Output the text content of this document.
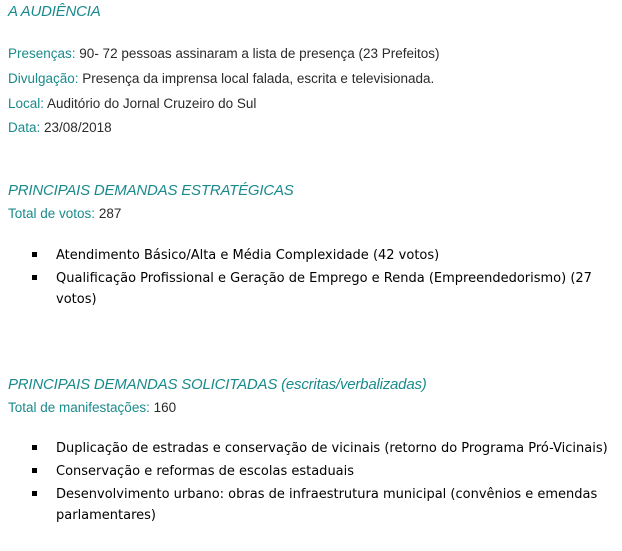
A AUDIÊNCIA
Presenças: 90- 72 pessoas assinaram a lista de presença (23 Prefeitos)
Divulgação: Presença da imprensa local falada, escrita e televisionada.
Local: Auditório do Jornal Cruzeiro do Sul
Data: 23/08/2018
PRINCIPAIS DEMANDAS ESTRATÉGICAS
Total de votos: 287
Atendimento Básico/Alta e Média Complexidade (42 votos)
Qualificação Profissional e Geração de Emprego e Renda (Empreendedorismo) (27 votos)
PRINCIPAIS DEMANDAS SOLICITADAS (escritas/verbalizadas)
Total de manifestações: 160
Duplicação de estradas e conservação de vicinais (retorno do Programa Pró-Vicinais)
Conservação e reformas de escolas estaduais
Desenvolvimento urbano: obras de infraestrutura municipal (convênios e emendas parlamentares)
